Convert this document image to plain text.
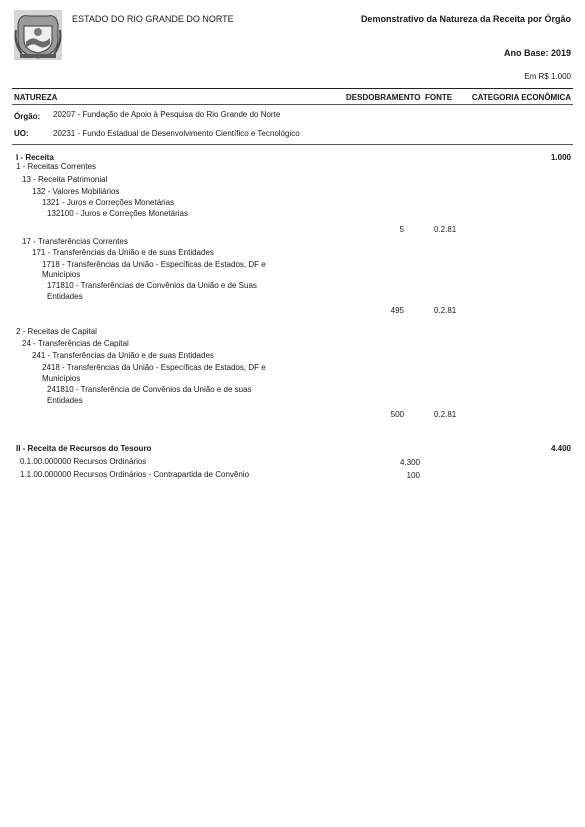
ESTADO DO RIO GRANDE DO NORTE	Demonstrativo da Natureza da Receita por Órgão
Ano Base: 2019
Em R$ 1.000
NATUREZA	DESDOBRAMENTO FONTE CATEGORIA ECONÔMICA
Órgão: 20207 - Fundação de Apoio à Pesquisa do Rio Grande do Norte
UO:	20231 - Fundo Estadual de Desenvolvimento Científico e Tecnológico
I - Receita	1.000
1 - Receitas Correntes
13 - Receita Patrimonial
132 - Valores Mobiliários
1321 - Juros e Correções Monetárias
132100 - Juros e Correções Monetárias
5	0.2.81
17 - Transferências Correntes
171 - Transferências da União e de suas Entidades
1718 - Transferências da União - Específicas de Estados, DF e
Municípios
171810 - Transferências de Convênios da União e de Suas
Entidades
495	0.2.81
2 - Receitas de Capital
24 - Transferências de Capital
241 - Transferências da União e de suas Entidades
2418 - Transferências da União - Específicas de Estados, DF e
Municípios
241810 - Transferência de Convênios da União e de suas
Entidades
500	0.2.81
II - Receita de Recursos do Tesouro	4.400
0.1.00.000000 Recursos Ordinários	4.300
1.1.00.000000 Recursos Ordinários - Contrapartida de Convênio	100
